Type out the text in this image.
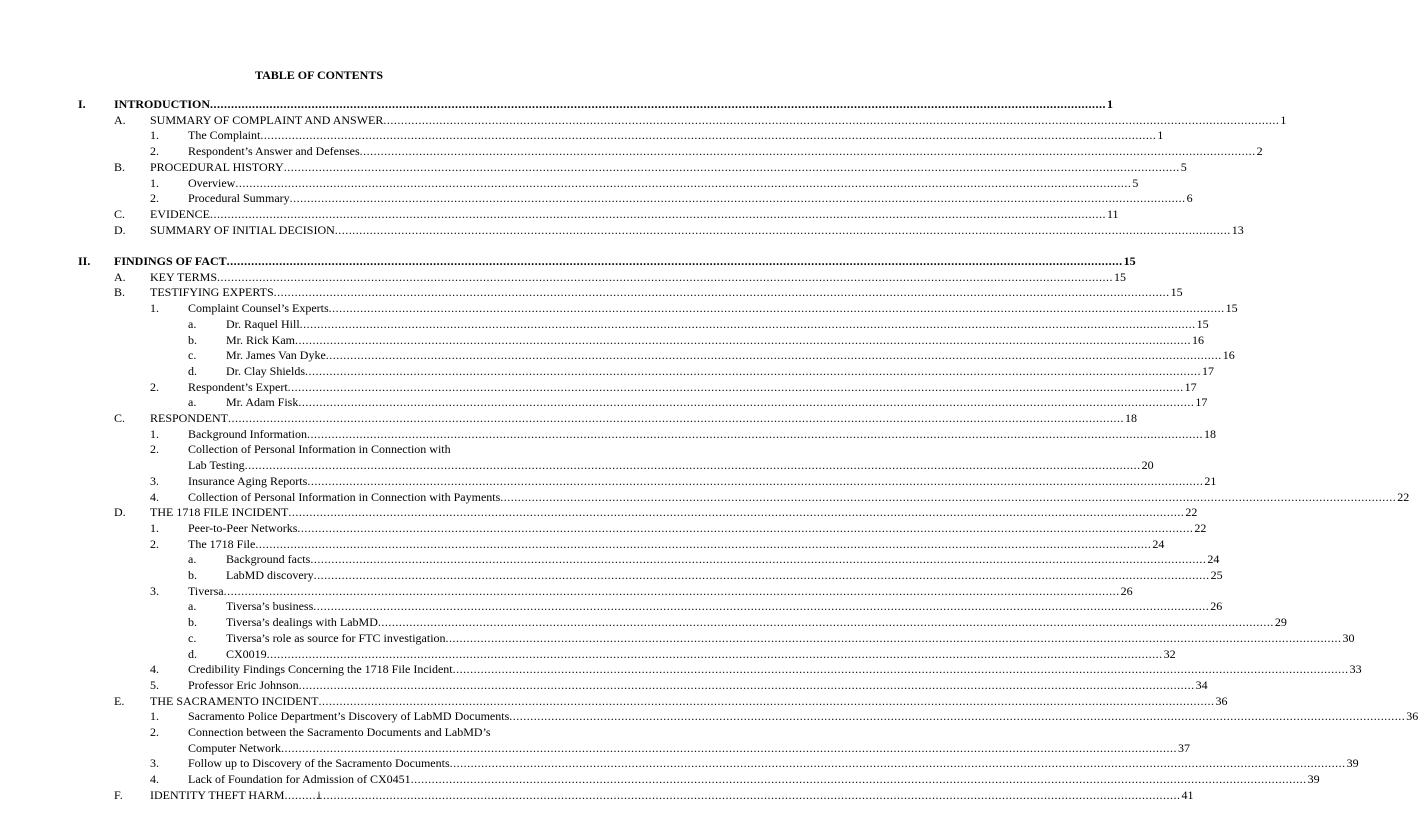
TABLE OF CONTENTS
I. INTRODUCTION .....	1
A. SUMMARY OF COMPLAINT AND ANSWER .....	1
1. The Complaint .....	1
2. Respondent’s Answer and Defenses .....	2
B. PROCEDURAL HISTORY .....	5
1. Overview .....	5
2. Procedural Summary .....	6
C. EVIDENCE .....	11
D. SUMMARY OF INITIAL DECISION .....	13
II. FINDINGS OF FACT .....	15
A. KEY TERMS .....	15
B. TESTIFYING EXPERTS .....	15
1. Complaint Counsel’s Experts .....	15
a. Dr. Raquel Hill .....	15
b. Mr. Rick Kam .....	16
c. Mr. James Van Dyke .....	16
d. Dr. Clay Shields .....	17
2. Respondent’s Expert .....	17
a. Mr. Adam Fisk .....	17
C. RESPONDENT .....	18
1. Background Information .....	18
2. Collection of Personal Information in Connection with
Lab Testing .....	20
3. Insurance Aging Reports .....	21
4. Collection of Personal Information in Connection with Payments .....	22
D. THE 1718 FILE INCIDENT .....	22
1. Peer-to-Peer Networks .....	22
2. The 1718 File .....	24
a. Background facts .....	24
b. LabMD discovery .....	25
3. Tiversa .....	26
a. Tiversa’s business .....	26
b. Tiversa’s dealings with LabMD .....	29
c. Tiversa’s role as source for FTC investigation .....	30
d. CX0019 .....	32
4. Credibility Findings Concerning the 1718 File Incident .....	33
5. Professor Eric Johnson .....	34
E. THE SACRAMENTO INCIDENT .....	36
1. Sacramento Police Department’s Discovery of LabMD Documents .....	36
2. Connection between the Sacramento Documents and LabMD’s
Computer Network .....	37
3. Follow up to Discovery of the Sacramento Documents .....	39
4. Lack of Foundation for Admission of CX0451 .....	39
F. IDENTITY THEFT HARM .....	41
i
